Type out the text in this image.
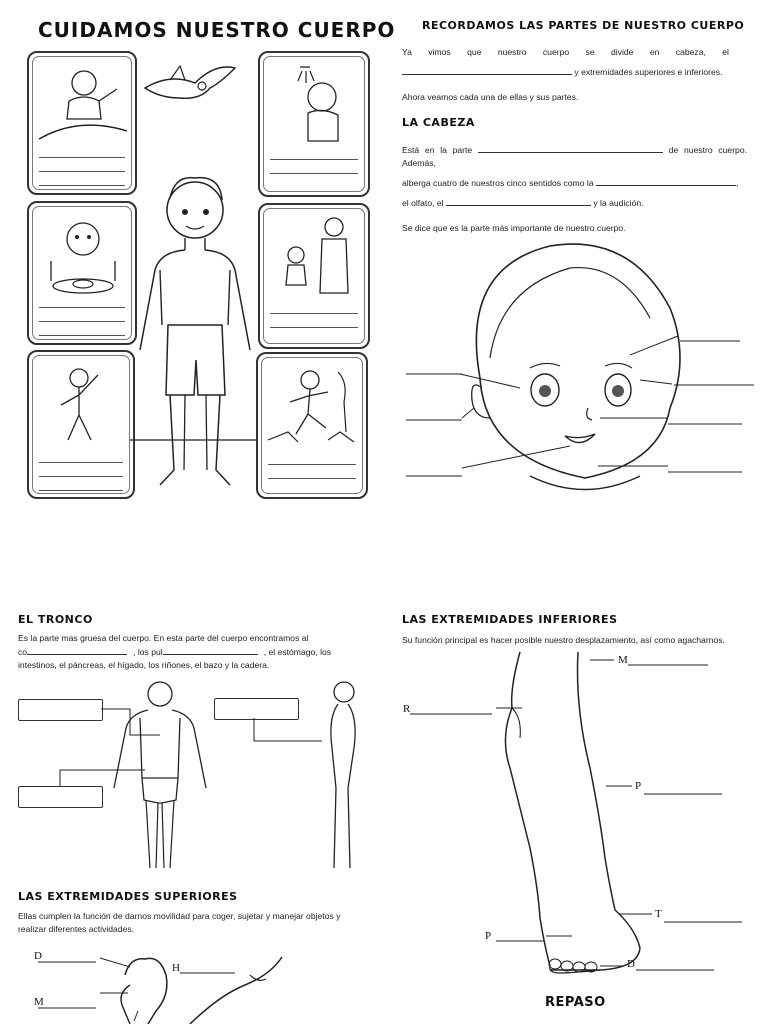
CUIDAMOS NUESTRO CUERPO RECORDAMOS LAS PARTES DE NUESTRO CUERPO
Ya vimos que nuestro cuerpo se divide en cabeza, el
y extremidades superiores e inferiores.
Ahora veamos cada una de ellas y sus partes.
LA CABEZA
Está en la parte	de nuestro cuerpo. Además,
alberga cuatro de nuestros cinco sentidos como la	,
el olfato, el	y la audición.
Se dice que es la parte más importante de nuestro cuerpo.
EL TRONCO
Es la parte mas gruesa del cuerpo. En esta parte del cuerpo encontramos al
co	, los pul	, el estómago, los
intestinos, el páncreas, el hígado, los riñones, el bazo y la cadera.
LAS EXTREMIDADES SUPERIORES
Ellas cumplen la función de darnos movilidad para coger, sujetar y manejar objetos y
realizar diferentes actividades.
D
M
H
LAS EXTREMIDADES INFERIORES
Su función principal es hacer posible nuestro desplazamiento, así como agacharnos.
M
R
P
T
P
D
REPASO
